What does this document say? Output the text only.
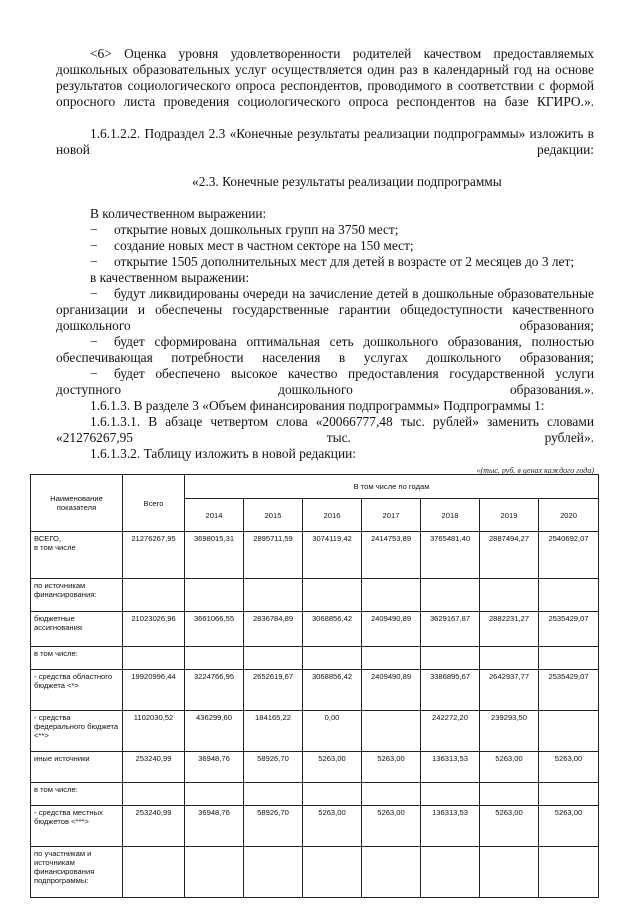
<6> Оценка уровня удовлетворенности родителей качеством предоставляемых дошкольных образовательных услуг осуществляется один раз в календарный год на основе результатов социологического опроса респондентов, проводимого в соответствии с формой опросного листа проведения социологического опроса респондентов на базе КГИРО.».
1.6.1.2.2. Подраздел 2.3 «Конечные результаты реализации подпрограммы» изложить в новой редакции:
«2.3. Конечные результаты реализации подпрограммы
В количественном выражении:
− открытие новых дошкольных групп на 3750 мест;
− создание новых мест в частном секторе на 150 мест;
− открытие 1505 дополнительных мест для детей в возрасте от 2 месяцев до 3 лет;
в качественном выражении:
−	будут ликвидированы очереди на зачисление детей в дошкольные образовательные организации и обеспечены государственные гарантии общедоступности качественного дошкольного образования;
−	будет сформирована оптимальная сеть дошкольного образования, полностью обеспечивающая потребности населения в услугах дошкольного образования;
−	будет обеспечено высокое качество предоставления государственной услуги доступного дошкольного образования.».
1.6.1.3. В разделе 3 «Объем финансирования подпрограммы» Подпрограммы 1:
1.6.1.3.1. В абзаце четвертом слова «20066777,48 тыс. рублей» заменить словами «21276267,95 тыс. рублей».
1.6.1.3.2. Таблицу изложить в новой редакции:
«(тыс. руб. в ценах каждого года)
Наименование показателя	Всего	В том числе по годам						
		2014	2015	2016	2017	2018	2019	2020
ВСЕГО,
в том числе	21276267,95	3698015,31	2895711,59	3074119,42	2414753,89	3765481,40	2887494,27	2540692,07
по источникам финансирования:								
бюджетные ассигнования	21023026,96	3661066,55	2836784,89	3068856,42	2409490,89	3629167,87	2882231,27	2535429,07
в том числе:								
- средства областного бюджета <*>	19920996,44	3224766,95	2652619,67	3068856,42	2409490,89	3386895,67	2642937,77	2535429,07
- средства федерального бюджета <**>	1102030,52	436299,60	184165,22	0,00		242272,20	239293,50	
иные источники	253240,99	36948,76	58926,70	5263,00	5263,00	136313,53	5263,00	5263,00
в том числе:								
- средства местных бюджетов <***>	253240,99	36948,76	58926,70	5263,00	5263,00	136313,53	5263,00	5263,00
по участникам и источникам финансирования подпрограммы:								
